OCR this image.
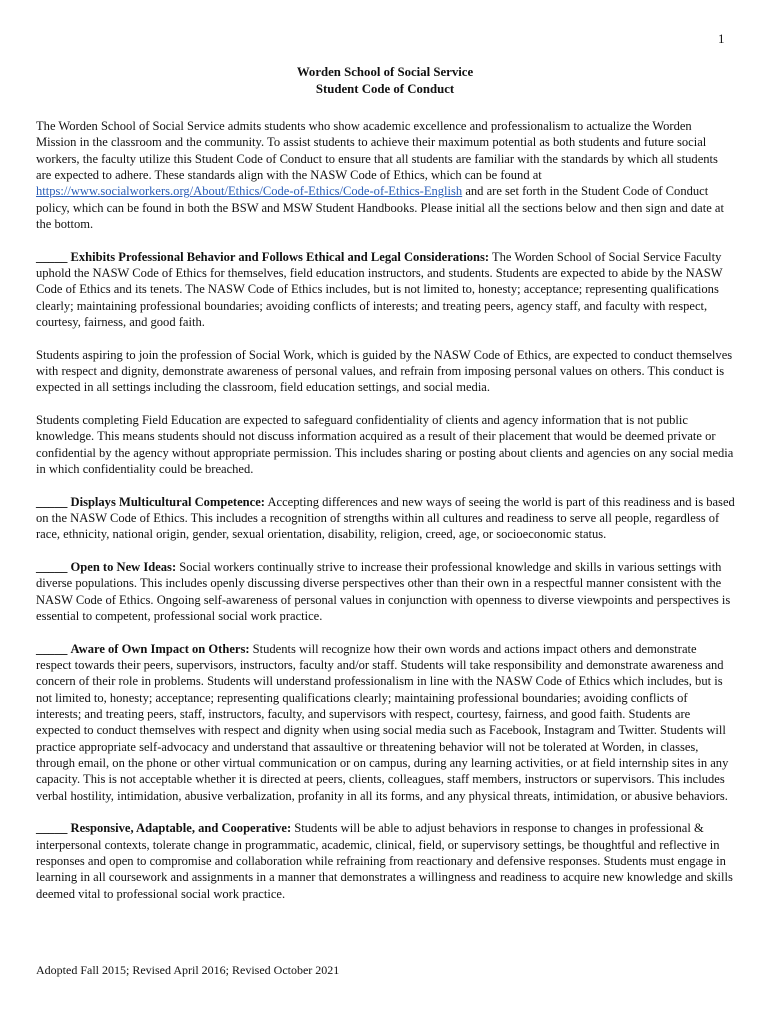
1
Worden School of Social Service
Student Code of Conduct

The Worden School of Social Service admits students who show academic excellence and professionalism to actualize the Worden Mission in the classroom and the community. To assist students to achieve their maximum potential as both students and future social workers, the faculty utilize this Student Code of Conduct to ensure that all students are familiar with the standards by which all students are expected to adhere. These standards align with the NASW Code of Ethics, which can be found at https://www.socialworkers.org/About/Ethics/Code-of-Ethics/Code-of-Ethics-English and are set forth in the Student Code of Conduct policy, which can be found in both the BSW and MSW Student Handbooks. Please initial all the sections below and then sign and date at the bottom.

_____ Exhibits Professional Behavior and Follows Ethical and Legal Considerations: The Worden School of Social Service Faculty uphold the NASW Code of Ethics for themselves, field education instructors, and students. Students are expected to abide by the NASW Code of Ethics and its tenets. The NASW Code of Ethics includes, but is not limited to, honesty; acceptance; representing qualifications clearly; maintaining professional boundaries; avoiding conflicts of interests; and treating peers, agency staff, and faculty with respect, courtesy, fairness, and good faith.

Students aspiring to join the profession of Social Work, which is guided by the NASW Code of Ethics, are expected to conduct themselves with respect and dignity, demonstrate awareness of personal values, and refrain from imposing personal values on others. This conduct is expected in all settings including the classroom, field education settings, and social media.

Students completing Field Education are expected to safeguard confidentiality of clients and agency information that is not public knowledge. This means students should not discuss information acquired as a result of their placement that would be deemed private or confidential by the agency without appropriate permission. This includes sharing or posting about clients and agencies on any social media in which confidentiality could be breached.

_____ Displays Multicultural Competence: Accepting differences and new ways of seeing the world is part of this readiness and is based on the NASW Code of Ethics. This includes a recognition of strengths within all cultures and readiness to serve all people, regardless of race, ethnicity, national origin, gender, sexual orientation, disability, religion, creed, age, or socioeconomic status.

_____ Open to New Ideas: Social workers continually strive to increase their professional knowledge and skills in various settings with diverse populations. This includes openly discussing diverse perspectives other than their own in a respectful manner consistent with the NASW Code of Ethics. Ongoing self-awareness of personal values in conjunction with openness to diverse viewpoints and perspectives is essential to competent, professional social work practice.

_____ Aware of Own Impact on Others: Students will recognize how their own words and actions impact others and demonstrate respect towards their peers, supervisors, instructors, faculty and/or staff. Students will take responsibility and demonstrate awareness and concern of their role in problems. Students will understand professionalism in line with the NASW Code of Ethics which includes, but is not limited to, honesty; acceptance; representing qualifications clearly; maintaining professional boundaries; avoiding conflicts of interests; and treating peers, staff, instructors, faculty, and supervisors with respect, courtesy, fairness, and good faith. Students are expected to conduct themselves with respect and dignity when using social media such as Facebook, Instagram and Twitter. Students will practice appropriate self-advocacy and understand that assaultive or threatening behavior will not be tolerated at Worden, in classes, through email, on the phone or other virtual communication or on campus, during any learning activities, or at field internship sites in any capacity. This is not acceptable whether it is directed at peers, clients, colleagues, staff members, instructors or supervisors. This includes verbal hostility, intimidation, abusive verbalization, profanity in all its forms, and any physical threats, intimidation, or abusive behaviors.

_____ Responsive, Adaptable, and Cooperative: Students will be able to adjust behaviors in response to changes in professional & interpersonal contexts, tolerate change in programmatic, academic, clinical, field, or supervisory settings, be thoughtful and reflective in responses and open to compromise and collaboration while refraining from reactionary and defensive responses. Students must engage in learning in all coursework and assignments in a manner that demonstrates a willingness and readiness to acquire new knowledge and skills deemed vital to professional social work practice.

Adopted Fall 2015; Revised April 2016; Revised October 2021
